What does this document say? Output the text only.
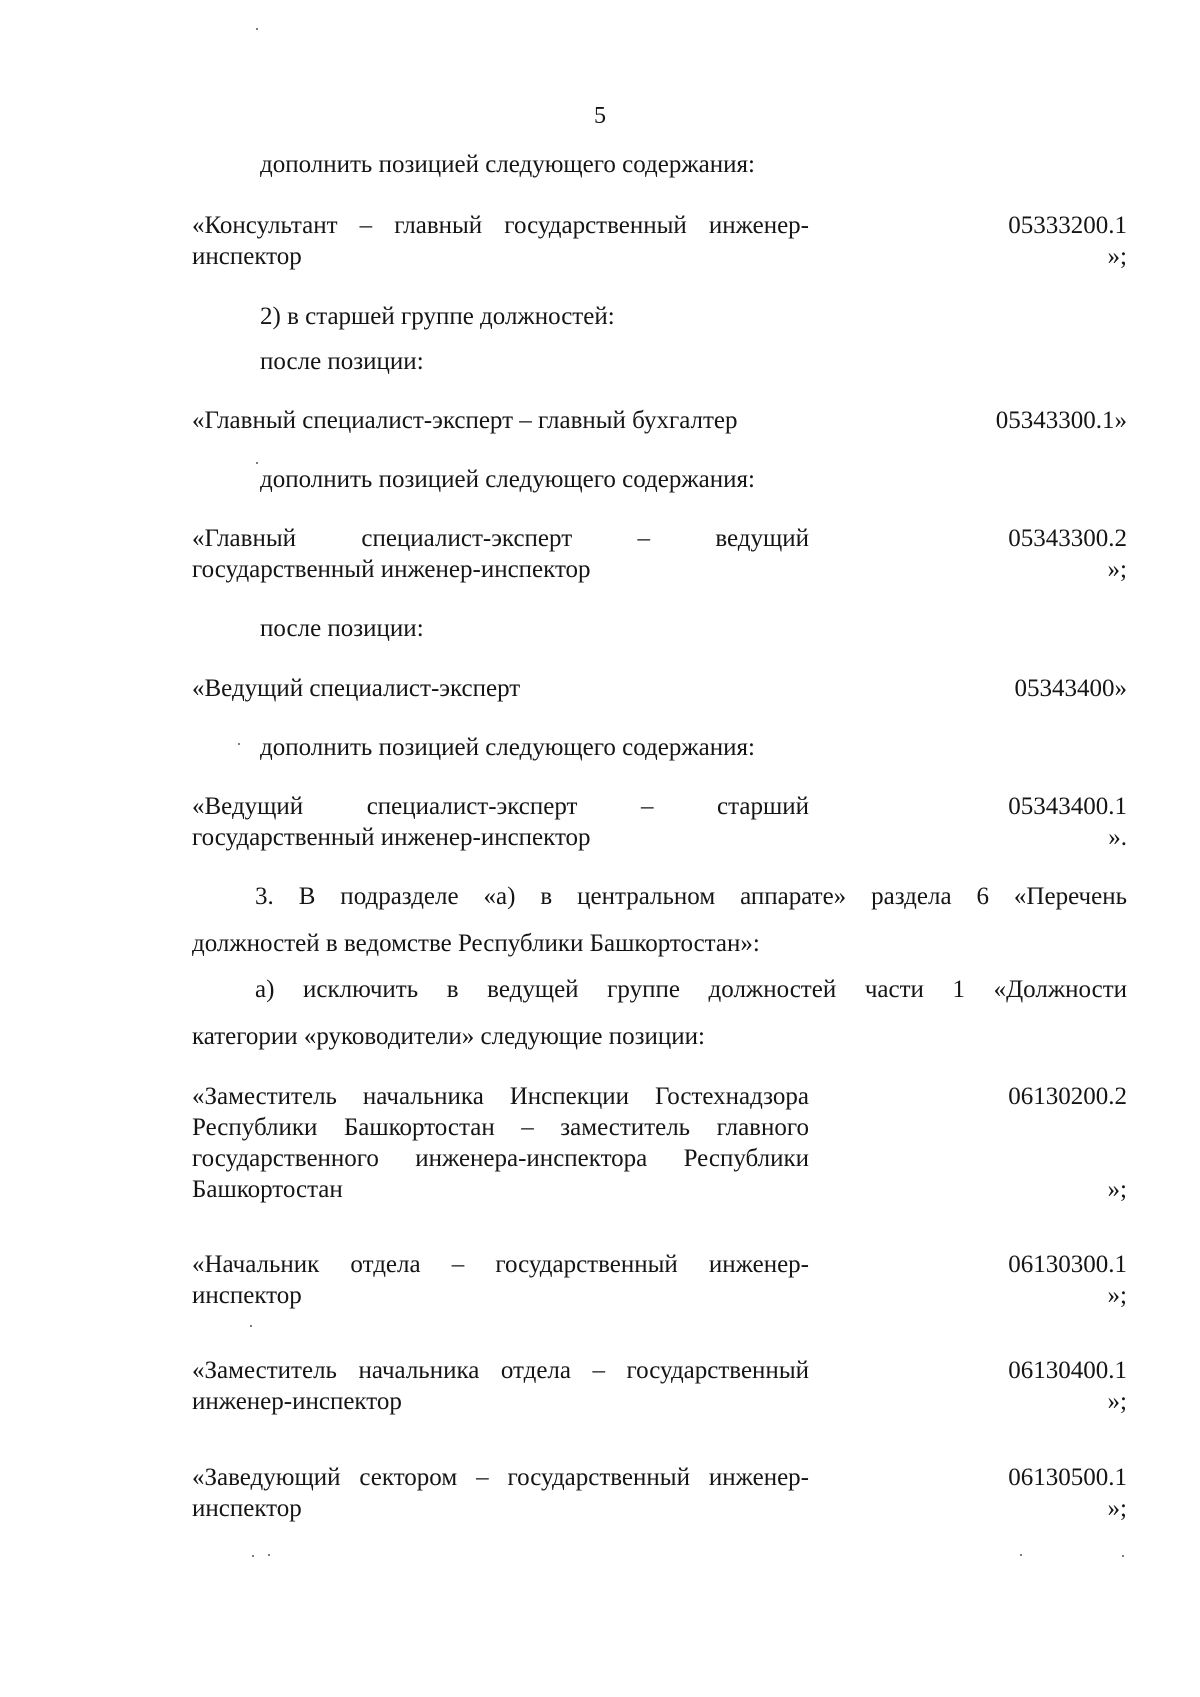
5
дополнить позицией следующего содержания:
«Консультант – главный государственный инженер-инспектор
05333200.1
»;
2) в старшей группе должностей:
после позиции:
«Главный специалист-эксперт – главный бухгалтер	05343300.1»
дополнить позицией следующего содержания:
«Главный специалист-эксперт – ведущий государственный инженер-инспектор
05343300.2
»;
после позиции:
«Ведущий специалист-эксперт	05343400»
дополнить позицией следующего содержания:
«Ведущий специалист-эксперт – старший государственный инженер-инспектор
05343400.1
».
3. В подразделе «а) в центральном аппарате» раздела 6 «Перечень
должностей в ведомстве Республики Башкортостан»:
а) исключить в ведущей группе должностей части 1 «Должности
категории «руководители» следующие позиции:
«Заместитель начальника Инспекции Гостехнадзора Республики Башкортостан – заместитель главного государственного инженера-инспектора Республики Башкортостан
06130200.2
»;
«Начальник отдела – государственный инженер-инспектор
06130300.1
»;
«Заместитель начальника отдела – государственный инженер-инспектор
06130400.1
»;
«Заведующий сектором – государственный инженер-инспектор
06130500.1
»;
